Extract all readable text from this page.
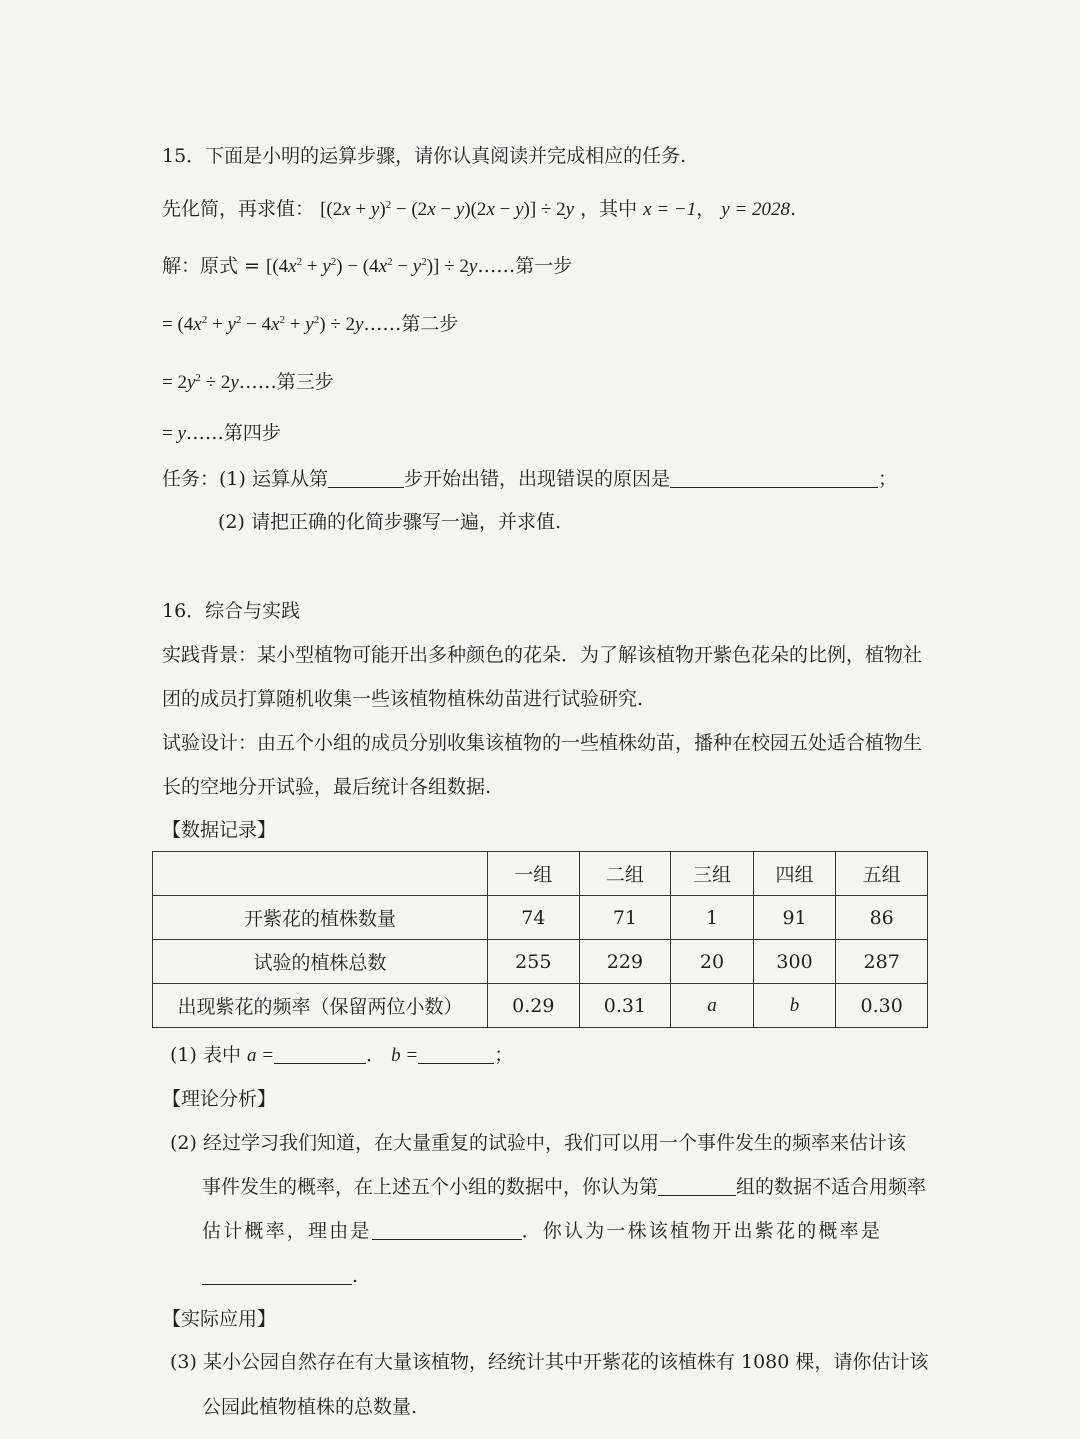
15．下面是小明的运算步骤，请你认真阅读并完成相应的任务.
先化简，再求值： $[(2x + y)^2 - (2x - y)(2x - y)] \div 2y$ ，其中 x = −1， y = 2028.
解：原式 = $[(4x^2 + y^2) - (4x^2 - y^2)]$ ÷ 2y……第一步
= $(4x^2 + y^2 - 4x^2 + y^2)$ ÷ 2y……第二步
= $2y^2$ ÷ 2y……第三步
= y……第四步
任务：(1) 运算从第	步开始出错，出现错误的原因是	；
(2) 请把正确的化简步骤写一遍，并求值.
16．综合与实践
实践背景：某小型植物可能开出多种颜色的花朵．为了解该植物开紫色花朵的比例，植物社
团的成员打算随机收集一些该植物植株幼苗进行试验研究.
试验设计：由五个小组的成员分别收集该植物的一些植株幼苗，播种在校园五处适合植物生
长的空地分开试验，最后统计各组数据.
【数据记录】
	一组	二组	三组	四组	五组
开紫花的植株数量	74	71	1	91	86
试验的植株总数	255	229	20	300	287
出现紫花的频率（保留两位小数）	0.29	0.31	a	b	0.30
(1) 表中 a =	． b =	；
【理论分析】
(2) 经过学习我们知道，在大量重复的试验中，我们可以用一个事件发生的频率来估计该
事件发生的概率，在上述五个小组的数据中，你认为第	组的数据不适合用频率
估计概率，理由是	．你认为一株该植物开出紫花的概率是
.
【实际应用】
(3) 某小公园自然存在有大量该植物，经统计其中开紫花的该植株有 1080 棵，请你估计该
公园此植物植株的总数量.
